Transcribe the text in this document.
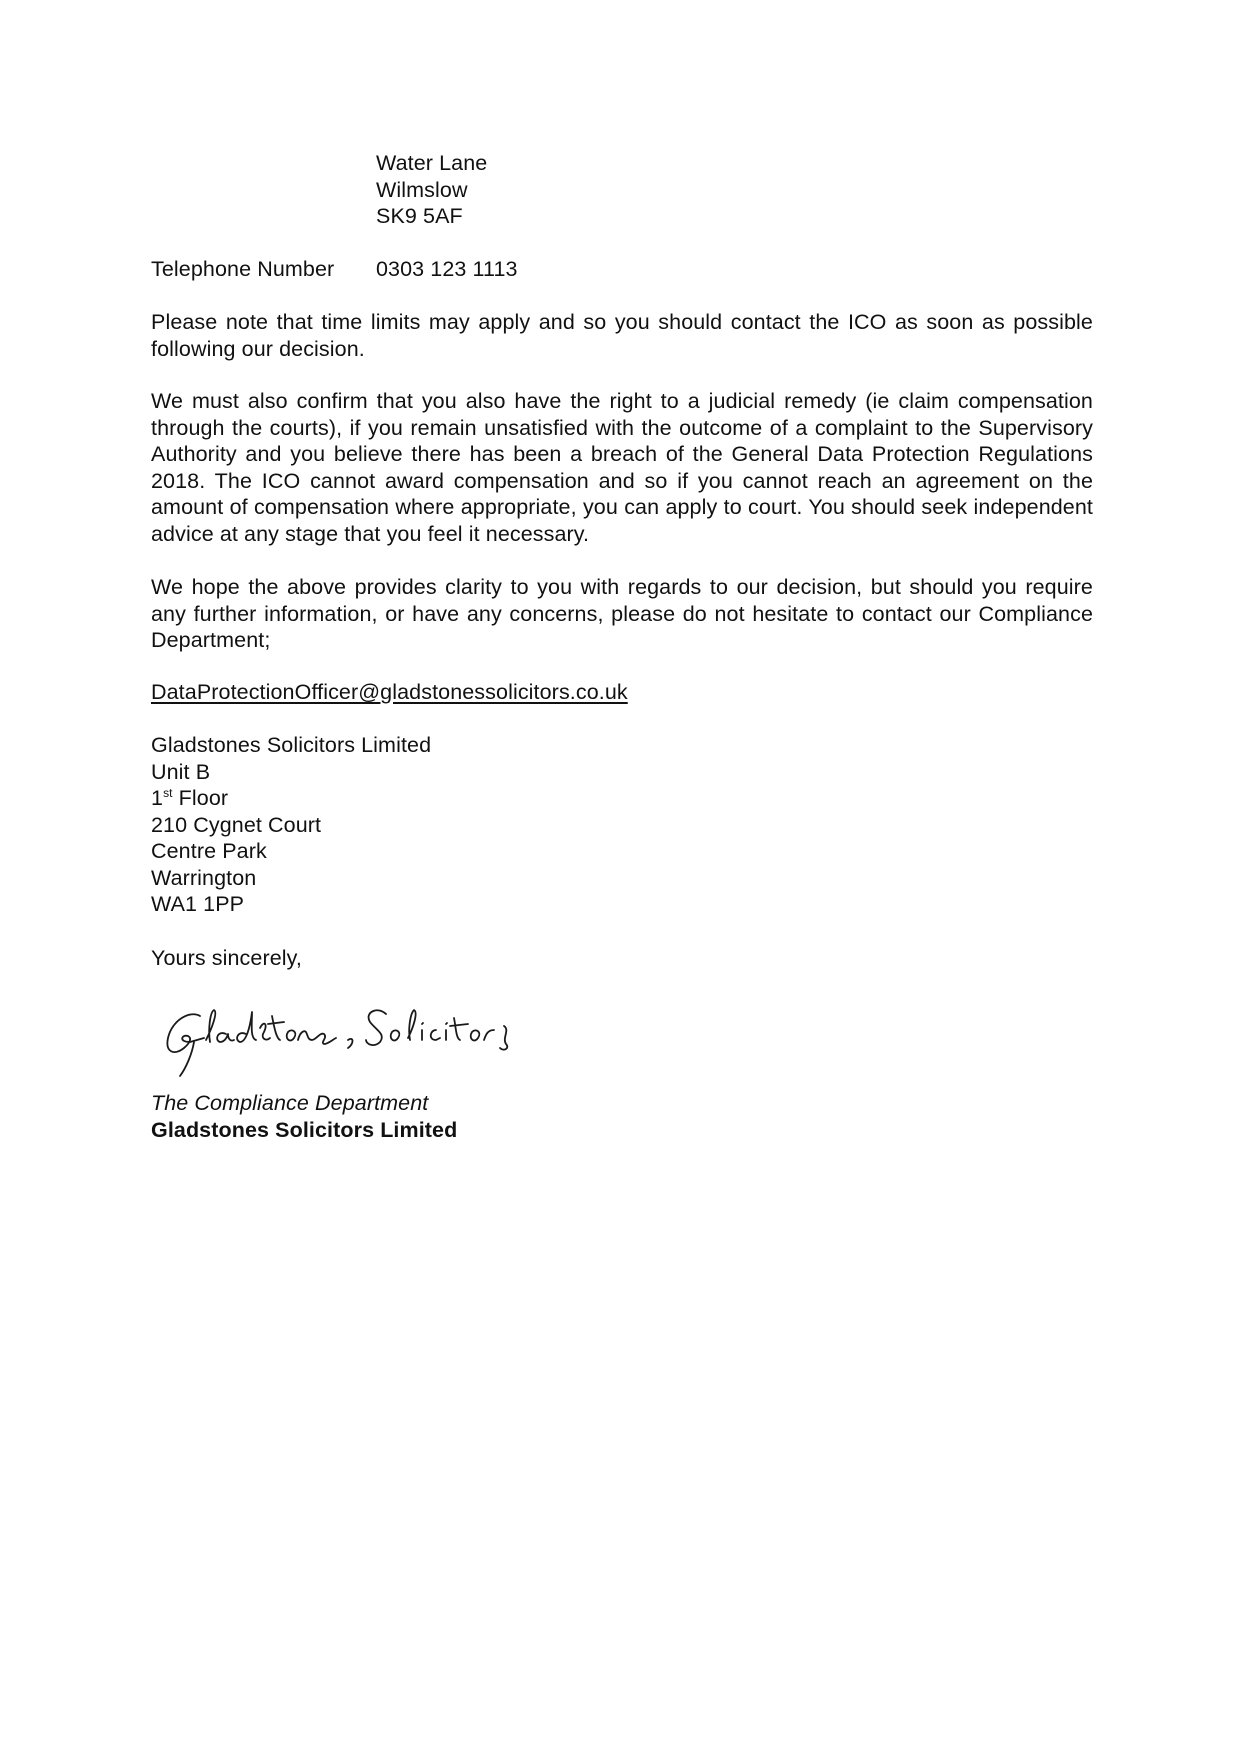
Water Lane
Wilmslow
SK9 5AF
Telephone Number 0303 123 1113
Please note that time limits may apply and so you should contact the ICO as soon as possible following our decision.
We must also confirm that you also have the right to a judicial remedy (ie claim compensation through the courts), if you remain unsatisfied with the outcome of a complaint to the Supervisory Authority and you believe there has been a breach of the General Data Protection Regulations 2018. The ICO cannot award compensation and so if you cannot reach an agreement on the amount of compensation where appropriate, you can apply to court. You should seek independent advice at any stage that you feel it necessary.
We hope the above provides clarity to you with regards to our decision, but should you require any further information, or have any concerns, please do not hesitate to contact our Compliance Department;
DataProtectionOfficer@gladstonessolicitors.co.uk
Gladstones Solicitors Limited
Unit B
1st Floor
210 Cygnet Court
Centre Park
Warrington
WA1 1PP
Yours sincerely,
The Compliance Department
Gladstones Solicitors Limited
